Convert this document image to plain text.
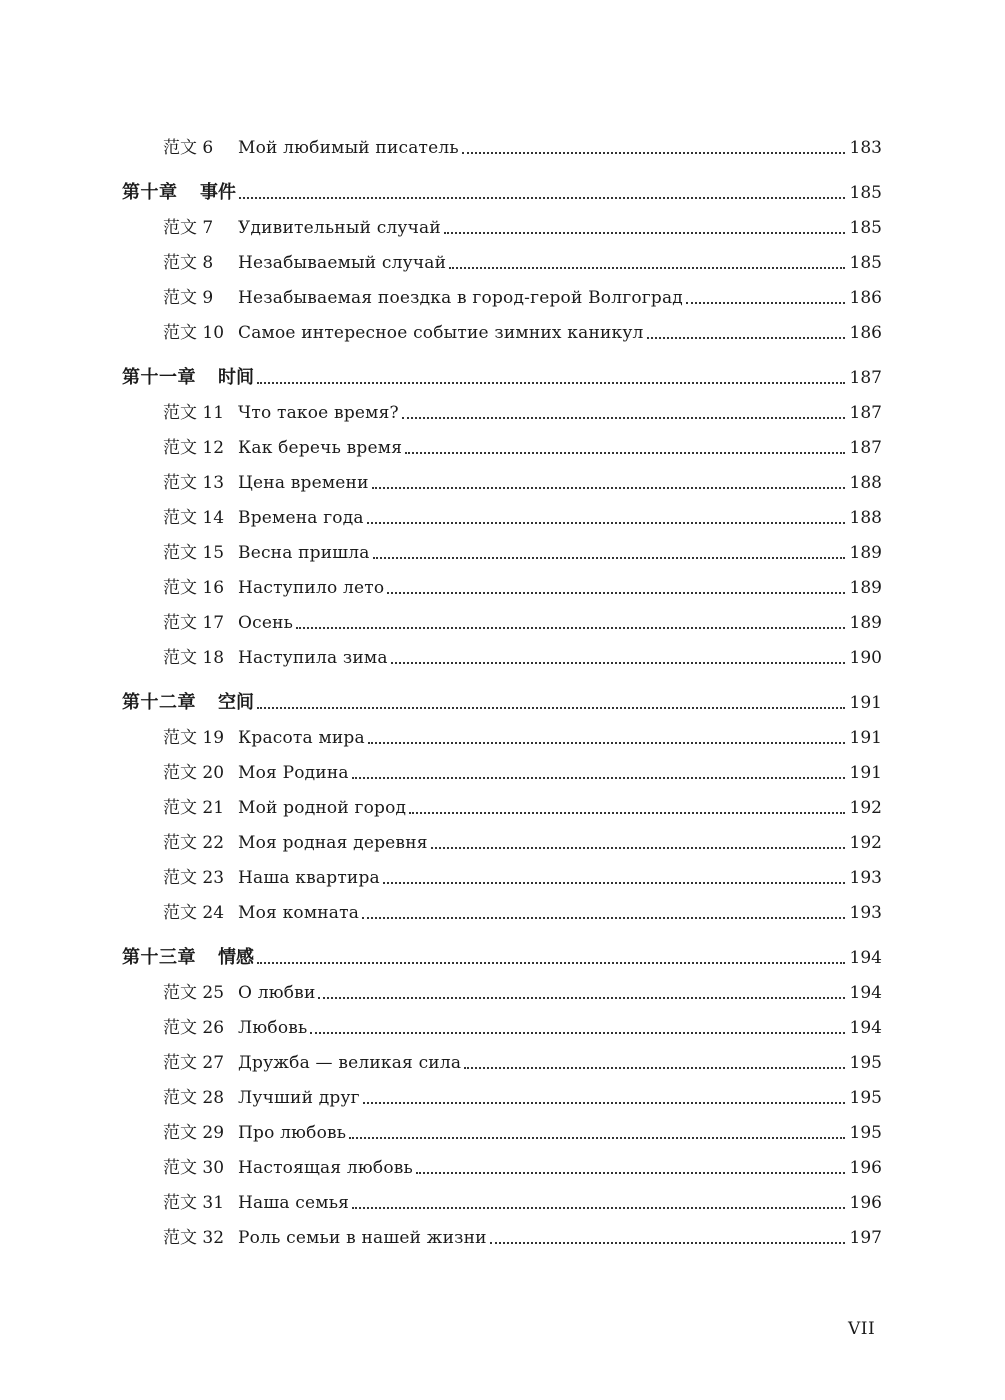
范文 6 Мой любимый писатель	183
第十章 事件	185
范文 7 Удивительный случай	185
范文 8 Незабываемый случай	185
范文 9 Незабываемая поездка в город-герой Волгоград	186
范文 10 Самое интересное событие зимних каникул	186
第十一章 时间	187
范文 11 Что такое время?	187
范文 12 Как беречь время	187
范文 13 Цена времени	188
范文 14 Времена года	188
范文 15 Весна пришла	189
范文 16 Наступило лето	189
范文 17 Осень	189
范文 18 Наступила зима	190
第十二章 空间	191
范文 19 Красота мира	191
范文 20 Моя Родина	191
范文 21 Мой родной город	192
范文 22 Моя родная деревня	192
范文 23 Наша квартира	193
范文 24 Моя комната	193
第十三章 情感	194
范文 25 О любви	194
范文 26 Любовь	194
范文 27 Дружба — великая сила	195
范文 28 Лучший друг	195
范文 29 Про любовь	195
范文 30 Настоящая любовь	196
范文 31 Наша семья	196
范文 32 Роль семьи в нашей жизни	197
VII
